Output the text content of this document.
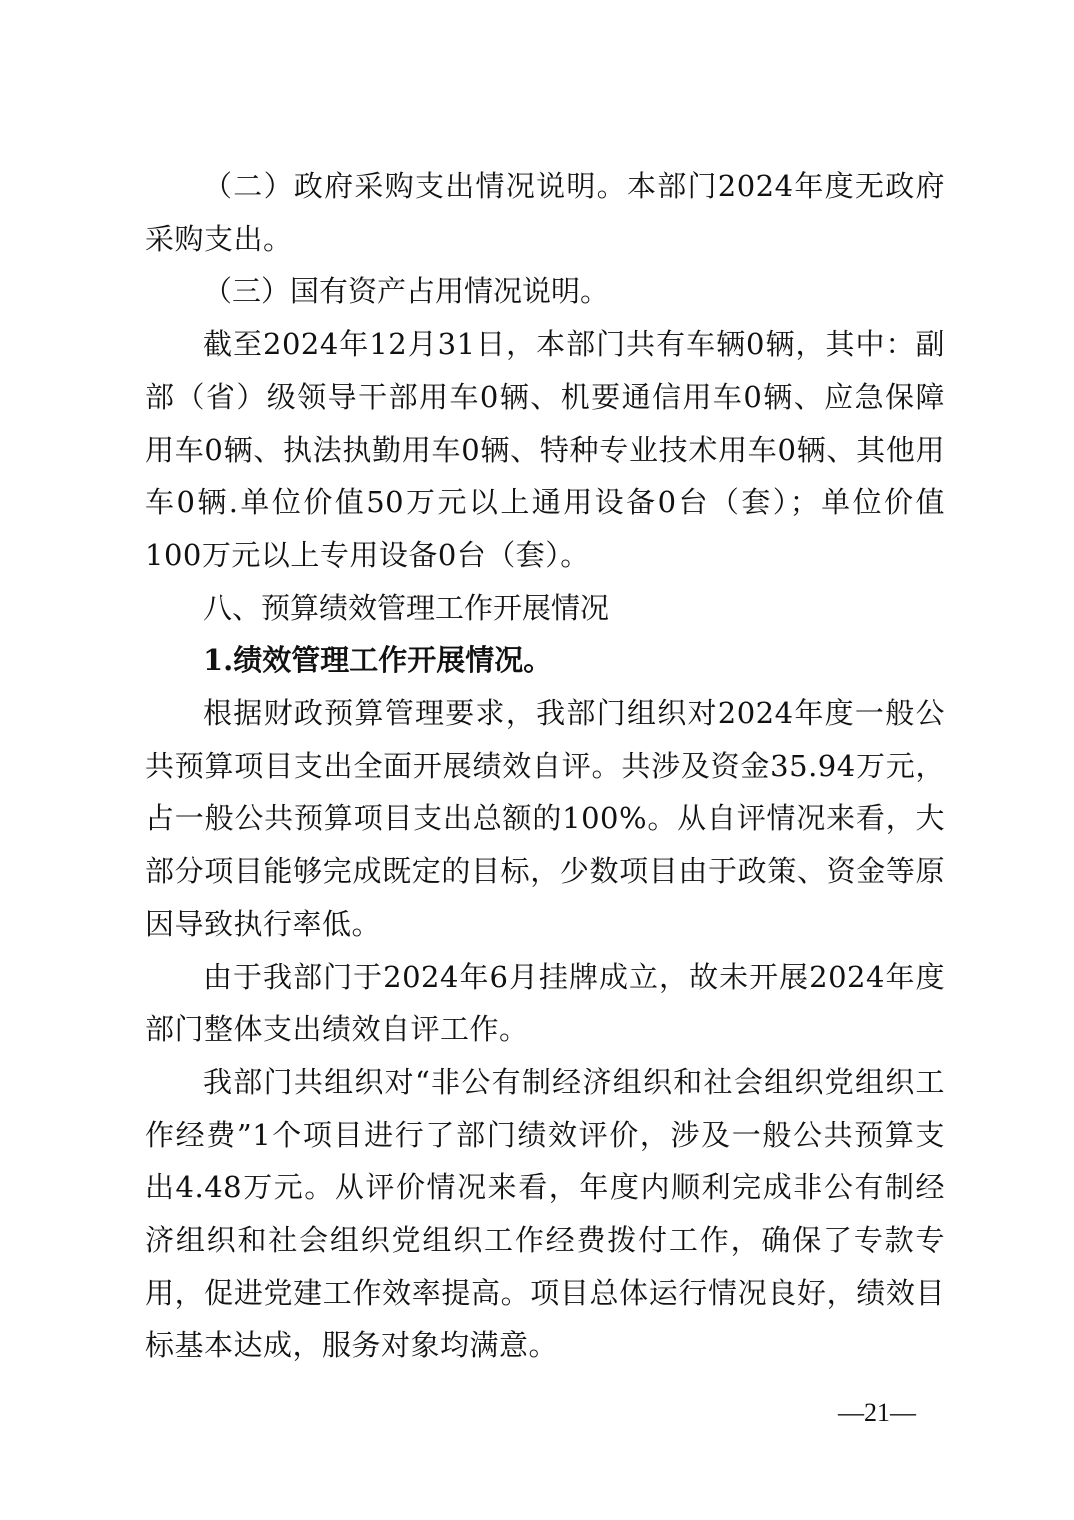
（二）政府采购支出情况说明。本部门2024年度无政府采购支出。

（三）国有资产占用情况说明。

截至2024年12月31日，本部门共有车辆0辆，其中：副部（省）级领导干部用车0辆、机要通信用车0辆、应急保障用车0辆、执法执勤用车0辆、特种专业技术用车0辆、其他用车0辆.单位价值50万元以上通用设备0台（套）；单位价值100万元以上专用设备0台（套）。

八、预算绩效管理工作开展情况

1.绩效管理工作开展情况。

根据财政预算管理要求，我部门组织对2024年度一般公共预算项目支出全面开展绩效自评。共涉及资金35.94万元，占一般公共预算项目支出总额的100%。从自评情况来看，大部分项目能够完成既定的目标，少数项目由于政策、资金等原因导致执行率低。

由于我部门于2024年6月挂牌成立，故未开展2024年度部门整体支出绩效自评工作。

我部门共组织对“非公有制经济组织和社会组织党组织工作经费”1个项目进行了部门绩效评价，涉及一般公共预算支出4.48万元。从评价情况来看，年度内顺利完成非公有制经济组织和社会组织党组织工作经费拨付工作，确保了专款专用，促进党建工作效率提高。项目总体运行情况良好，绩效目标基本达成，服务对象均满意。

—21—
